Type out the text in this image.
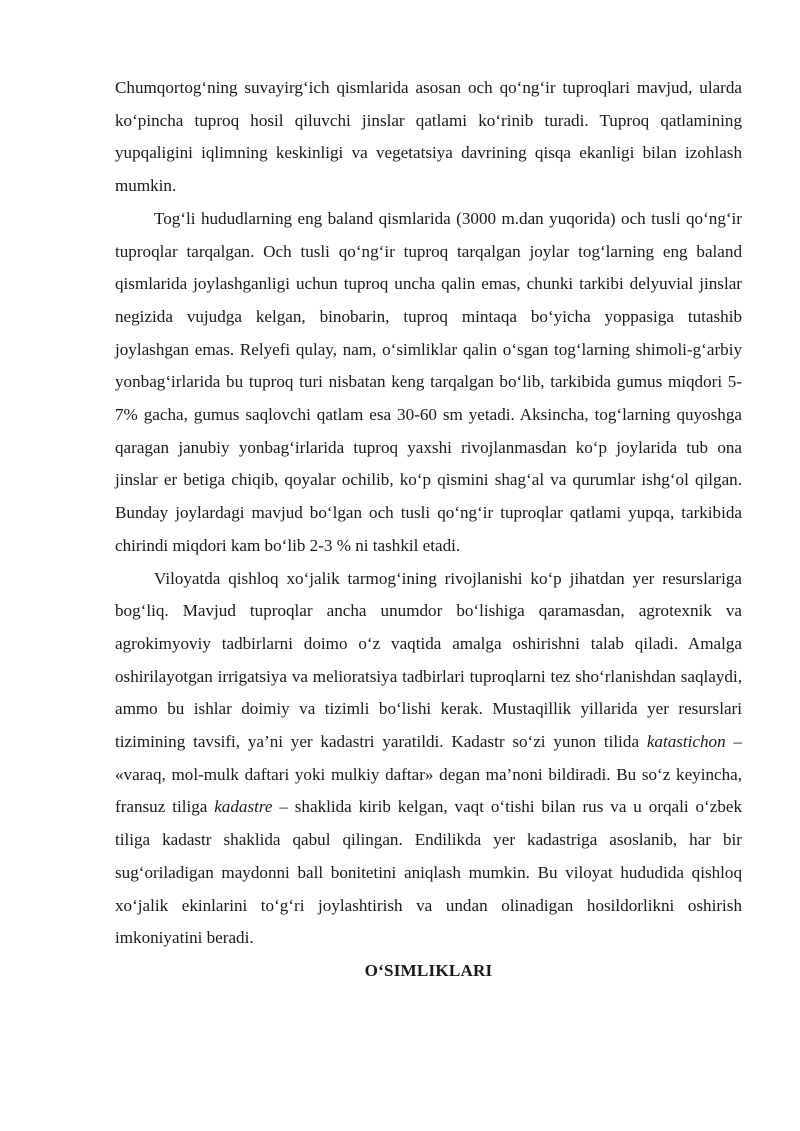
Chumqortog‘ning suvayirg‘ich qismlarida asosan och qo‘ng‘ir tuproqlari mavjud, ularda ko‘pincha tuproq hosil qiluvchi jinslar qatlami ko‘rinib turadi. Tuproq qatlamining yupqaligini iqlimning keskinligi va vegetatsiya davrining qisqa ekanligi bilan izohlash mumkin.

Tog‘li hududlarning eng baland qismlarida (3000 m.dan yuqorida) och tusli qo‘ng‘ir tuproqlar tarqalgan. Och tusli qo‘ng‘ir tuproq tarqalgan joylar tog‘larning eng baland qismlarida joylashganligi uchun tuproq uncha qalin emas, chunki tarkibi delyuvial jinslar negizida vujudga kelgan, binobarin, tuproq mintaqa bo‘yicha yoppasiga tutashib joylashgan emas. Relyefi qulay, nam, o‘simliklar qalin o‘sgan tog‘larning shimoli-g‘arbiy yonbag‘irlarida bu tuproq turi nisbatan keng tarqalgan bo‘lib, tarkibida gumus miqdori 5-7% gacha, gumus saqlovchi qatlam esa 30-60 sm yetadi. Aksincha, tog‘larning quyoshga qaragan janubiy yonbag‘irlarida tuproq yaxshi rivojlanmasdan ko‘p joylarida tub ona jinslar er betiga chiqib, qoyalar ochilib, ko‘p qismini shag‘al va qurumlar ishg‘ol qilgan. Bunday joylardagi mavjud bo‘lgan och tusli qo‘ng‘ir tuproqlar qatlami yupqa, tarkibida chirindi miqdori kam bo‘lib 2-3 % ni tashkil etadi.

Viloyatda qishloq xo‘jalik tarmog‘ining rivojlanishi ko‘p jihatdan yer resurslariga bog‘liq. Mavjud tuproqlar ancha unumdor bo‘lishiga qaramasdan, agrotexnik va agrokimyoviy tadbirlarni doimo o‘z vaqtida amalga oshirishni talab qiladi. Amalga oshirilayotgan irrigatsiya va melioratsiya tadbirlari tuproqlarni tez sho‘rlanishdan saqlaydi, ammo bu ishlar doimiy va tizimli bo‘lishi kerak. Mustaqillik yillarida yer resurslari tizimining tavsifi, ya’ni yer kadastri yaratildi. Kadastr so‘zi yunon tilida katastichon – «varaq, mol-mulk daftari yoki mulkiy daftar» degan ma’noni bildiradi. Bu so‘z keyincha, fransuz tiliga kadastre – shaklida kirib kelgan, vaqt o‘tishi bilan rus va u orqali o‘zbek tiliga kadastr shaklida qabul qilingan. Endilikda yer kadastriga asoslanib, har bir sug‘oriladigan maydonni ball bonitetini aniqlash mumkin. Bu viloyat hududida qishloq xo‘jalik ekinlarini to‘g‘ri joylashtirish va undan olinadigan hosildorlikni oshirish imkoniyatini beradi.

O‘SIMLIKLARI
